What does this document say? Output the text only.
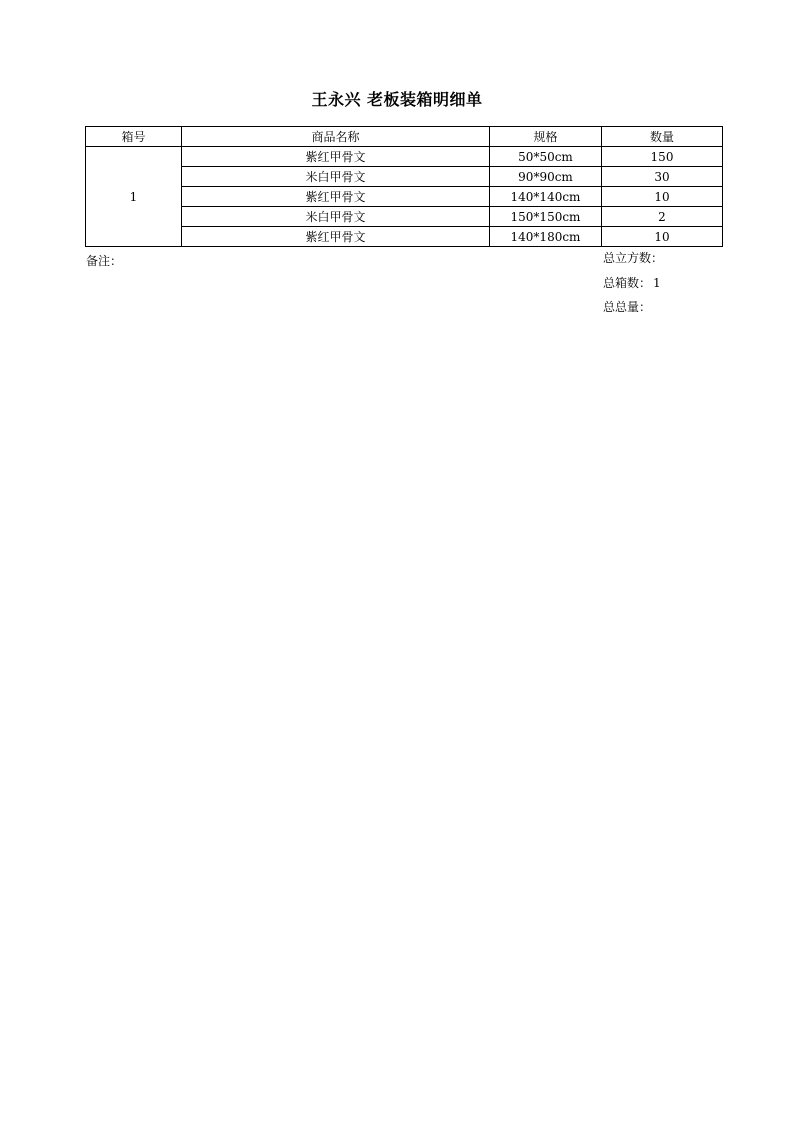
王永兴 老板装箱明细单
箱号	商品名称	规格	数量
1	紫红甲骨文	50*50cm	150
	米白甲骨文	90*90cm	30
	紫红甲骨文	140*140cm	10
	米白甲骨文	150*150cm	2
	紫红甲骨文	140*180cm	10
备注：	总立方数：
总箱数： 1
总总量：
